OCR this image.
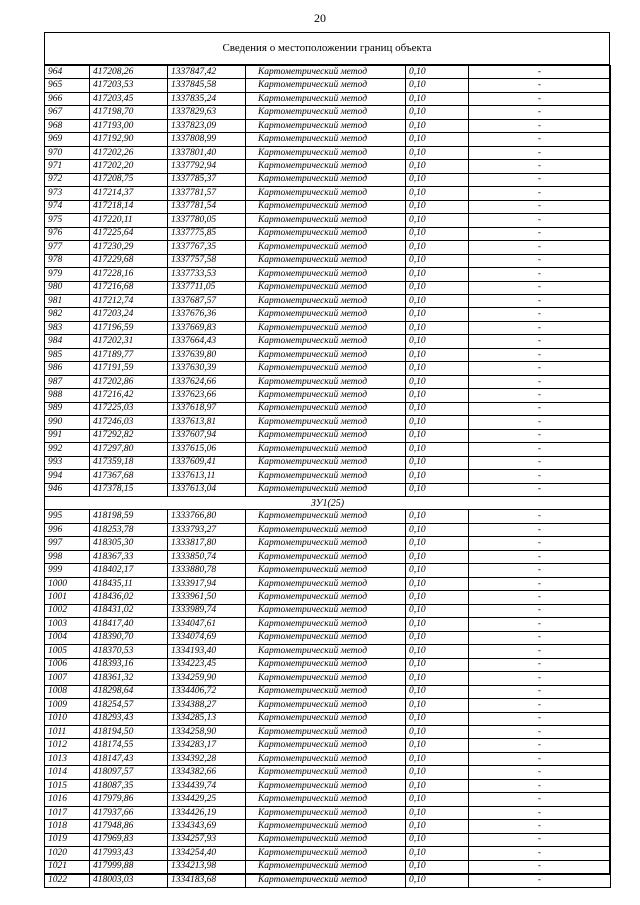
20
Сведения о местоположении границ объекта
964	417208,26	1337847,42	Картометрический метод	0,10	-
965	417203,53	1337845,58	Картометрический метод	0,10	-
966	417203,45	1337835,24	Картометрический метод	0,10	-
967	417198,70	1337829,63	Картометрический метод	0,10	-
968	417193,00	1337823,09	Картометрический метод	0,10	-
969	417192,90	1337808,99	Картометрический метод	0,10	-
970	417202,26	1337801,40	Картометрический метод	0,10	-
971	417202,20	1337792,94	Картометрический метод	0,10	-
972	417208,75	1337785,37	Картометрический метод	0,10	-
973	417214,37	1337781,57	Картометрический метод	0,10	-
974	417218,14	1337781,54	Картометрический метод	0,10	-
975	417220,11	1337780,05	Картометрический метод	0,10	-
976	417225,64	1337775,85	Картометрический метод	0,10	-
977	417230,29	1337767,35	Картометрический метод	0,10	-
978	417229,68	1337757,58	Картометрический метод	0,10	-
979	417228,16	1337733,53	Картометрический метод	0,10	-
980	417216,68	1337711,05	Картометрический метод	0,10	-
981	417212,74	1337687,57	Картометрический метод	0,10	-
982	417203,24	1337676,36	Картометрический метод	0,10	-
983	417196,59	1337669,83	Картометрический метод	0,10	-
984	417202,31	1337664,43	Картометрический метод	0,10	-
985	417189,77	1337639,80	Картометрический метод	0,10	-
986	417191,59	1337630,39	Картометрический метод	0,10	-
987	417202,86	1337624,66	Картометрический метод	0,10	-
988	417216,42	1337623,66	Картометрический метод	0,10	-
989	417225,03	1337618,97	Картометрический метод	0,10	-
990	417246,03	1337613,81	Картометрический метод	0,10	-
991	417292,82	1337607,94	Картометрический метод	0,10	-
992	417297,80	1337615,06	Картометрический метод	0,10	-
993	417359,18	1337609,41	Картометрический метод	0,10	-
994	417367,68	1337613,11	Картометрический метод	0,10	-
946	417378,15	1337613,04	Картометрический метод	0,10	-
ЗУ1(25)					
995	418198,59	1333766,80	Картометрический метод	0,10	-
996	418253,78	1333793,27	Картометрический метод	0,10	-
997	418305,30	1333817,80	Картометрический метод	0,10	-
998	418367,33	1333850,74	Картометрический метод	0,10	-
999	418402,17	1333880,78	Картометрический метод	0,10	-
1000	418435,11	1333917,94	Картометрический метод	0,10	-
1001	418436,02	1333961,50	Картометрический метод	0,10	-
1002	418431,02	1333989,74	Картометрический метод	0,10	-
1003	418417,40	1334047,61	Картометрический метод	0,10	-
1004	418390,70	1334074,69	Картометрический метод	0,10	-
1005	418370,53	1334193,40	Картометрический метод	0,10	-
1006	418393,16	1334223,45	Картометрический метод	0,10	-
1007	418361,32	1334259,90	Картометрический метод	0,10	-
1008	418298,64	1334406,72	Картометрический метод	0,10	-
1009	418254,57	1334388,27	Картометрический метод	0,10	-
1010	418293,43	1334285,13	Картометрический метод	0,10	-
1011	418194,50	1334258,90	Картометрический метод	0,10	-
1012	418174,55	1334283,17	Картометрический метод	0,10	-
1013	418147,43	1334392,28	Картометрический метод	0,10	-
1014	418097,57	1334382,66	Картометрический метод	0,10	-
1015	418087,35	1334439,74	Картометрический метод	0,10	-
1016	417979,86	1334429,25	Картометрический метод	0,10	-
1017	417937,66	1334426,19	Картометрический метод	0,10	-
1018	417948,86	1334343,69	Картометрический метод	0,10	-
1019	417969,83	1334257,93	Картометрический метод	0,10	-
1020	417993,43	1334254,40	Картометрический метод	0,10	-
1021	417999,88	1334213,98	Картометрический метод	0,10	-
1022	418003,03	1334183,68	Картометрический метод	0,10	-
